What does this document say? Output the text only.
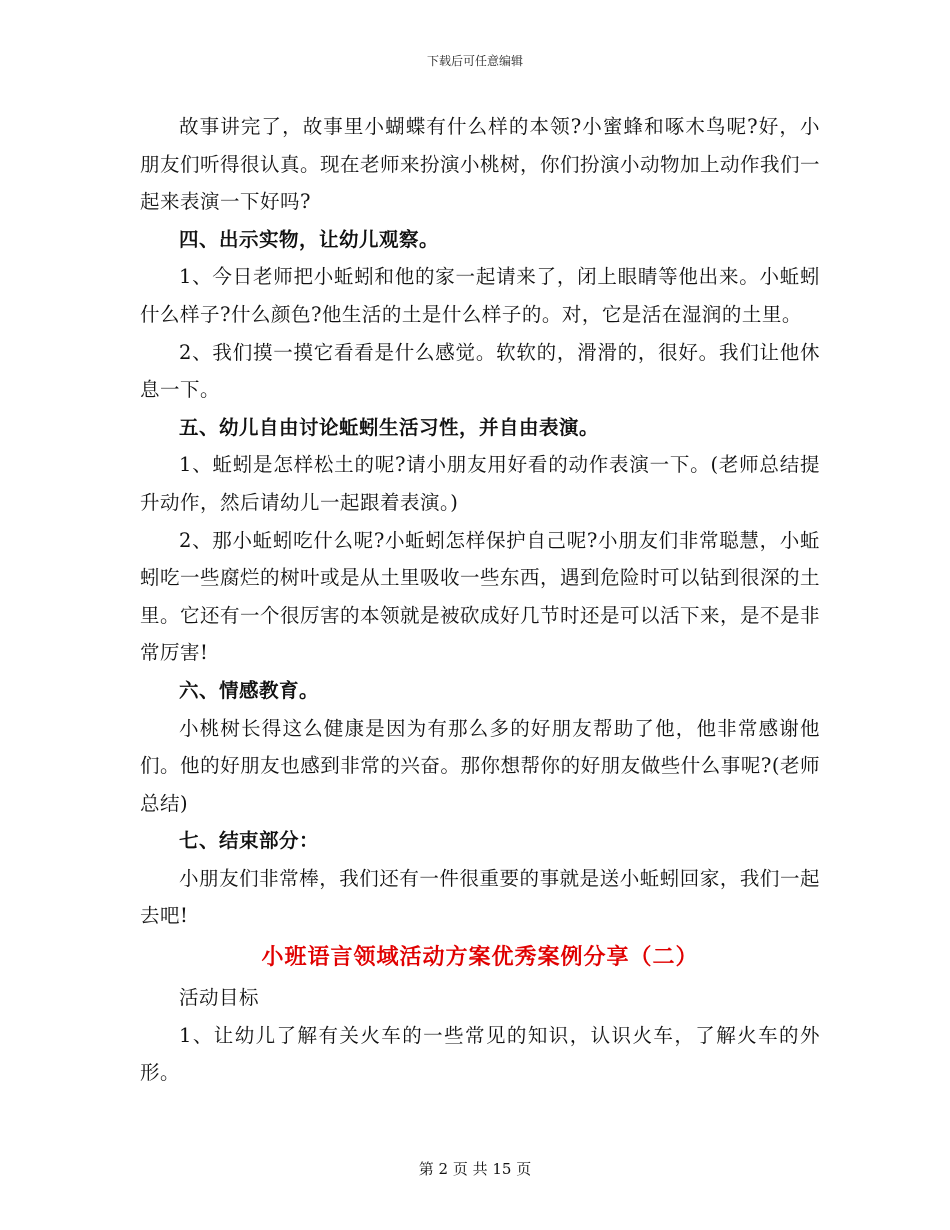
下载后可任意编辑

故事讲完了，故事里小蝴蝶有什么样的本领?小蜜蜂和啄木鸟呢?好，小朋友们听得很认真。现在老师来扮演小桃树，你们扮演小动物加上动作我们一起来表演一下好吗?

四、出示实物，让幼儿观察。

1、今日老师把小蚯蚓和他的家一起请来了，闭上眼睛等他出来。小蚯蚓什么样子?什么颜色?他生活的土是什么样子的。对，它是活在湿润的土里。

2、我们摸一摸它看看是什么感觉。软软的，滑滑的，很好。我们让他休息一下。

五、幼儿自由讨论蚯蚓生活习性，并自由表演。

1、蚯蚓是怎样松土的呢?请小朋友用好看的动作表演一下。(老师总结提升动作，然后请幼儿一起跟着表演。)

2、那小蚯蚓吃什么呢?小蚯蚓怎样保护自己呢?小朋友们非常聪慧，小蚯蚓吃一些腐烂的树叶或是从土里吸收一些东西，遇到危险时可以钻到很深的土里。它还有一个很厉害的本领就是被砍成好几节时还是可以活下来，是不是非常厉害!

六、情感教育。

小桃树长得这么健康是因为有那么多的好朋友帮助了他，他非常感谢他们。他的好朋友也感到非常的兴奋。那你想帮你的好朋友做些什么事呢?(老师总结)

七、结束部分：

小朋友们非常棒，我们还有一件很重要的事就是送小蚯蚓回家，我们一起去吧!

小班语言领域活动方案优秀案例分享（二）

活动目标

1、让幼儿了解有关火车的一些常见的知识，认识火车，了解火车的外形。

第 2 页 共 15 页
